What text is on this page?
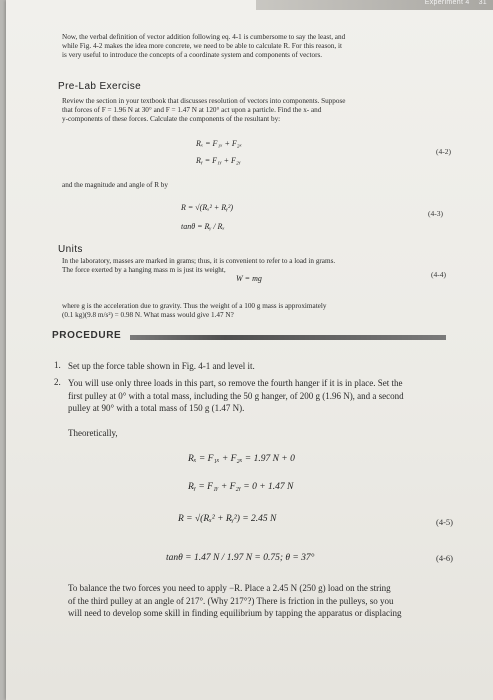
Experiment 4 31
Now, the verbal definition of vector addition following eq. 4-1 is cumbersome to say the least, and
while Fig. 4-2 makes the idea more concrete, we need to be able to calculate R. For this reason, it
is very useful to introduce the concepts of a coordinate system and components of vectors.
Pre-Lab Exercise
Review the section in your textbook that discusses resolution of vectors into components. Suppose
that forces of F = 1.96 N at 30° and F = 1.47 N at 120° act upon a particle. Find the x- and
y-components of these forces. Calculate the components of the resultant by:
Rₓ = F₁ₓ + F₂ₓ
Rᵧ = F₁ᵧ + F₂ᵧ
(4-2)
and the magnitude and angle of R by
R = √(Rₓ² + Rᵧ²)
tanθ = Rᵧ / Rₓ
(4-3)
Units
In the laboratory, masses are marked in grams; thus, it is convenient to refer to a load in grams.
The force exerted by a hanging mass m is just its weight,
W = mg	(4-4)
where g is the acceleration due to gravity. Thus the weight of a 100 g mass is approximately
(0.1 kg)(9.8 m/s²) = 0.98 N. What mass would give 1.47 N?
PROCEDURE
1. Set up the force table shown in Fig. 4-1 and level it.
2. You will use only three loads in this part, so remove the fourth hanger if it is in place. Set the
first pulley at 0° with a total mass, including the 50 g hanger, of 200 g (1.96 N), and a second
pulley at 90° with a total mass of 150 g (1.47 N).
Theoretically,
Rₓ = F₁ₓ + F₂ₓ = 1.97 N + 0
Rᵧ = F₁ᵧ + F₂ᵧ = 0 + 1.47 N
R = √(Rₓ² + Rᵧ²) = 2.45 N	(4-5)
tanθ = 1.47 N / 1.97 N = 0.75; θ = 37°	(4-6)
To balance the two forces you need to apply −R. Place a 2.45 N (250 g) load on the string
of the third pulley at an angle of 217°. (Why 217°?) There is friction in the pulleys, so you
will need to develop some skill in finding equilibrium by tapping the apparatus or displacing
